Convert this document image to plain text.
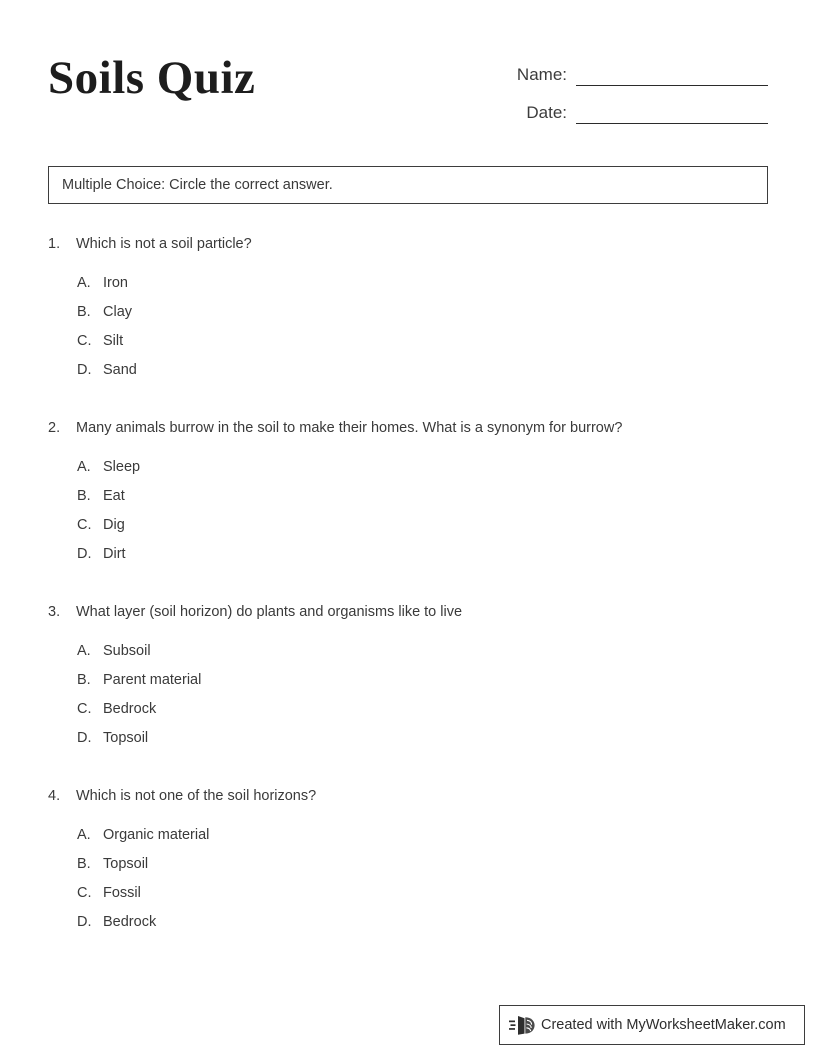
Soils Quiz	Name:
Date:
Multiple Choice: Circle the correct answer.
1.	Which is not a soil particle?
A. Iron
B. Clay
C. Silt
D. Sand
2.	Many animals burrow in the soil to make their homes. What is a synonym for burrow?
A. Sleep
B. Eat
C. Dig
D. Dirt
3.	What layer (soil horizon) do plants and organisms like to live
A. Subsoil
B. Parent material
C. Bedrock
D. Topsoil
4.	Which is not one of the soil horizons?
A. Organic material
B. Topsoil
C. Fossil
D. Bedrock
Created with MyWorksheetMaker.com
